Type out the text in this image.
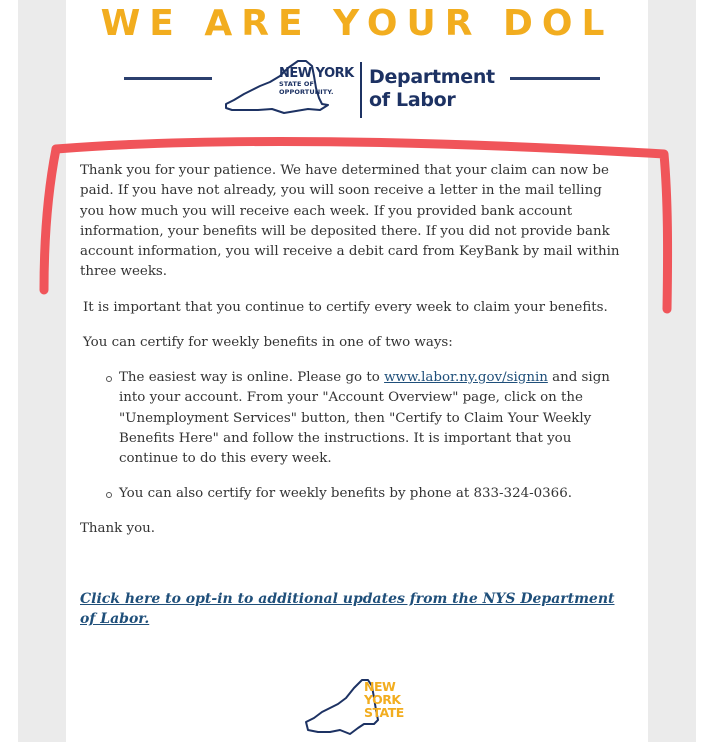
WE ARE YOUR DOL
NEW YORK
STATE OF
OPPORTUNITY.
Department
of Labor
Thank you for your patience. We have determined that your claim can now be paid. If you have not already, you will soon receive a letter in the mail telling you how much you will receive each week. If you provided bank account information, your benefits will be deposited there. If you did not provide bank account information, you will receive a debit card from KeyBank by mail within three weeks.
It is important that you continue to certify every week to claim your benefits.
You can certify for weekly benefits in one of two ways:
The easiest way is online. Please go to www.labor.ny.gov/signin and sign into your account. From your "Account Overview" page, click on the "Unemployment Services" button, then "Certify to Claim Your Weekly Benefits Here" and follow the instructions. It is important that you continue to do this every week.
You can also certify for weekly benefits by phone at 833-324-0366.
Thank you.
Click here to opt-in to additional updates from the NYS Department of Labor.
NEW
YORK
STATE
